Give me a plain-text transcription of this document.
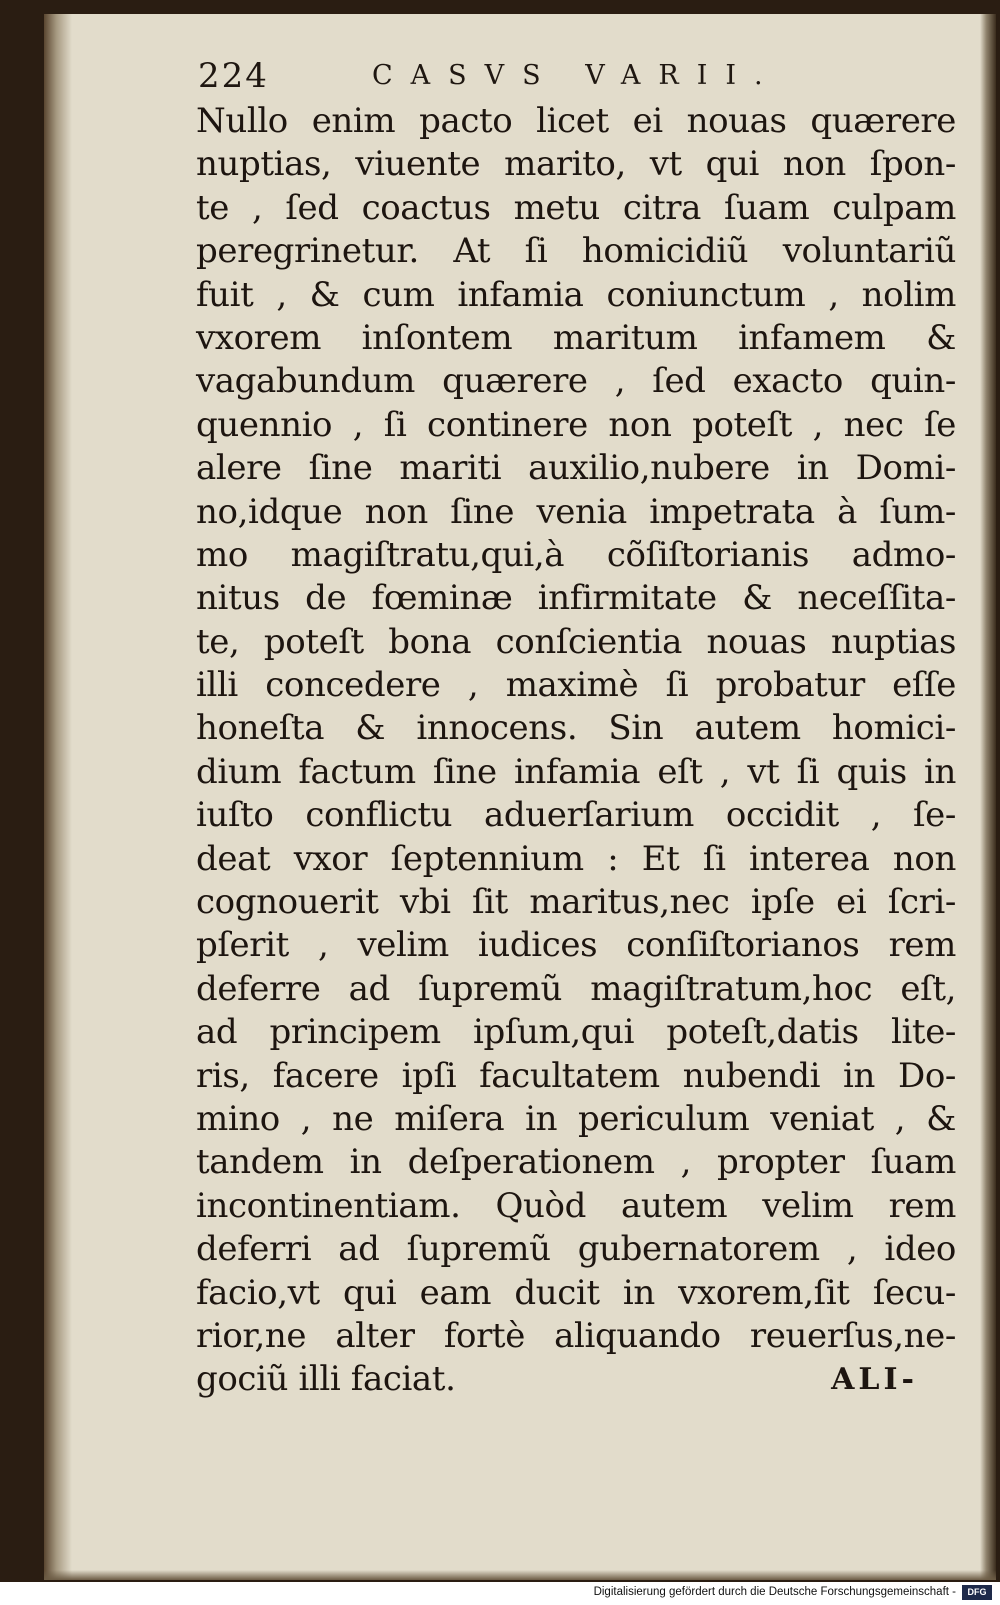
224	CASVS VARII.
Nullo enim pacto licet ei nouas quærere
nuptias, viuente marito, vt qui non ſpon-
te , ſed coactus metu citra ſuam culpam
peregrinetur. At ſi homicidiũ voluntariũ
fuit , & cum infamia coniunctum , nolim
vxorem inſontem maritum infamem &
vagabundum quærere , ſed exacto quin-
quennio , ſi continere non poteſt , nec ſe
alere ſine mariti auxilio,nubere in Domi-
no,idque non ſine venia impetrata à ſum-
mo magiſtratu,qui,à cõſiſtorianis admo-
nitus de fœminæ infirmitate & neceſſita-
te, poteſt bona conſcientia nouas nuptias
illi concedere , maximè ſi probatur eſſe
honeſta & innocens. Sin autem homici-
dium factum ſine infamia eſt , vt ſi quis in
iuſto conflictu aduerſarium occidit , ſe-
deat vxor ſeptennium : Et ſi interea non
cognouerit vbi ſit maritus,nec ipſe ei ſcri-
pſerit , velim iudices conſiſtorianos rem
deferre ad ſupremũ magiſtratum,hoc eſt,
ad principem ipſum,qui poteſt,datis lite-
ris, facere ipſi facultatem nubendi in Do-
mino , ne miſera in periculum veniat , &
tandem in deſperationem , propter ſuam
incontinentiam. Quòd autem velim rem
deferri ad ſupremũ gubernatorem , ideo
facio,vt qui eam ducit in vxorem,ſit ſecu-
rior,ne alter fortè aliquando reuerſus,ne-
gociũ illi faciat.	ALI-
Digitalisierung gefördert durch die Deutsche Forschungsgemeinschaft -	DFG
